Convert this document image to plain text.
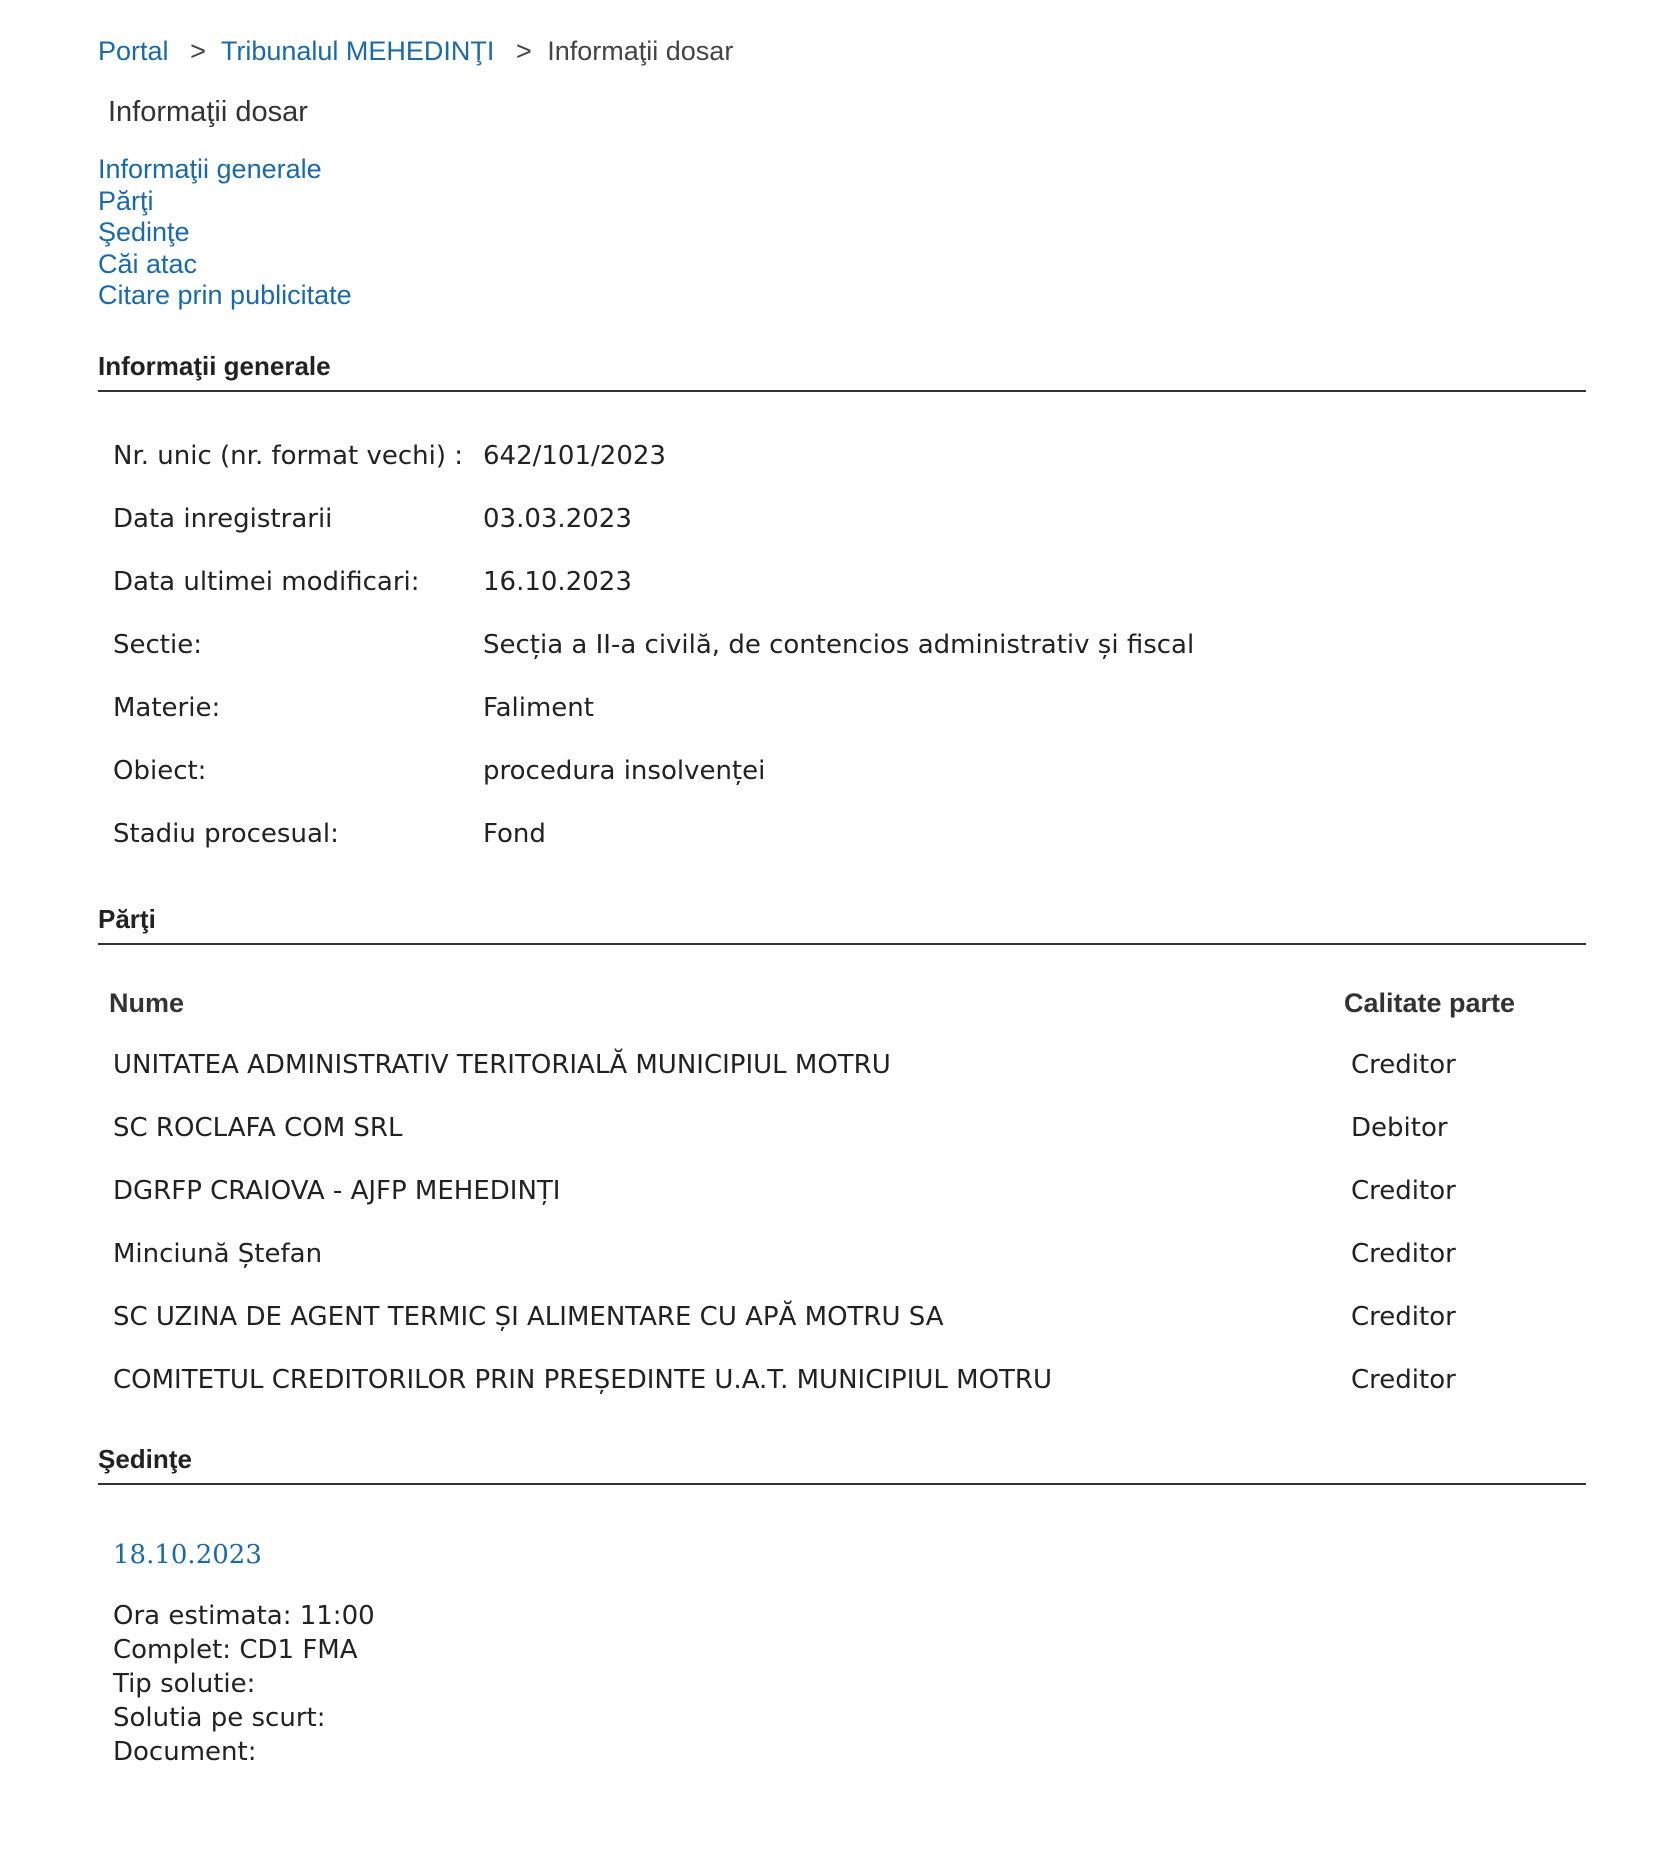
Portal > Tribunalul MEHEDINŢI > Informaţii dosar
Informaţii dosar
Informaţii generale
Părţi
Şedinţe
Căi atac
Citare prin publicitate
Informaţii generale
Nr. unic (nr. format vechi) : 642/101/2023
Data inregistrarii	03.03.2023
Data ultimei modificari:	16.10.2023
Sectie:	Secția a II-a civilă, de contencios administrativ și fiscal
Materie:	Faliment
Obiect:	procedura insolvenței
Stadiu procesual:	Fond
Părţi
Nume	Calitate parte
UNITATEA ADMINISTRATIV TERITORIALĂ MUNICIPIUL MOTRU	Creditor
SC ROCLAFA COM SRL	Debitor
DGRFP CRAIOVA - AJFP MEHEDINȚI	Creditor
Minciună Ștefan	Creditor
SC UZINA DE AGENT TERMIC ȘI ALIMENTARE CU APĂ MOTRU SA	Creditor
COMITETUL CREDITORILOR PRIN PREȘEDINTE U.A.T. MUNICIPIUL MOTRU	Creditor
Şedinţe
18.10.2023
Ora estimata: 11:00
Complet: CD1 FMA
Tip solutie:
Solutia pe scurt:
Document:
